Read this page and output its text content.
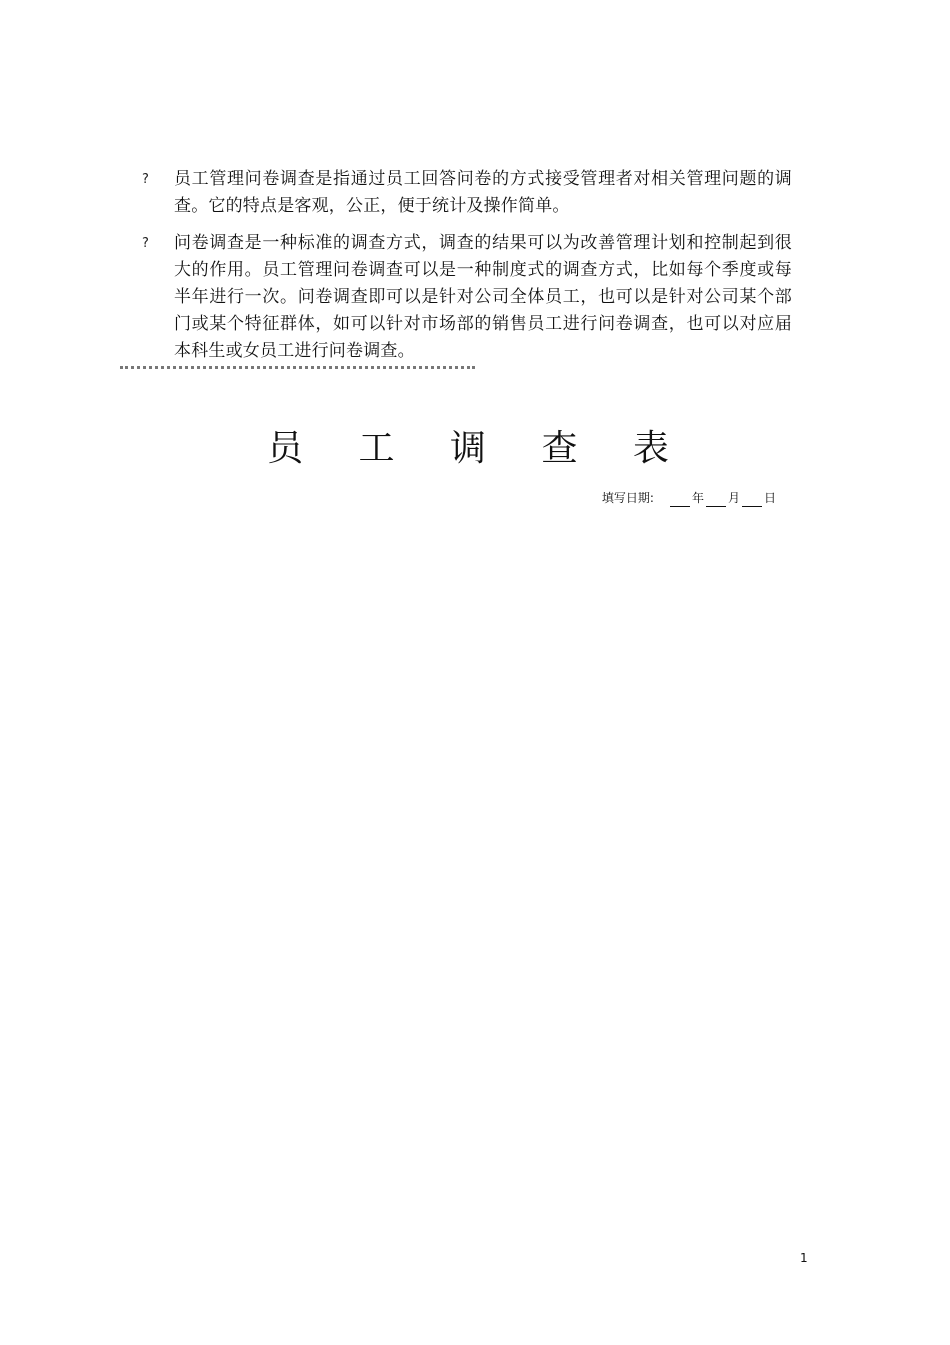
?	员工管理问卷调查是指通过员工回答问卷的方式接受管理者对相关管理问题的调查。它的特点是客观，公正，便于统计及操作简单。
?	问卷调查是一种标准的调查方式，调查的结果可以为改善管理计划和控制起到很大的作用。员工管理问卷调查可以是一种制度式的调查方式，比如每个季度或每半年进行一次。问卷调查即可以是针对公司全体员工，也可以是针对公司某个部门或某个特征群体，如可以针对市场部的销售员工进行问卷调查，也可以对应届本科生或女员工进行问卷调查。
员 工 调 查 表
填写日期:	年 月 日
1
